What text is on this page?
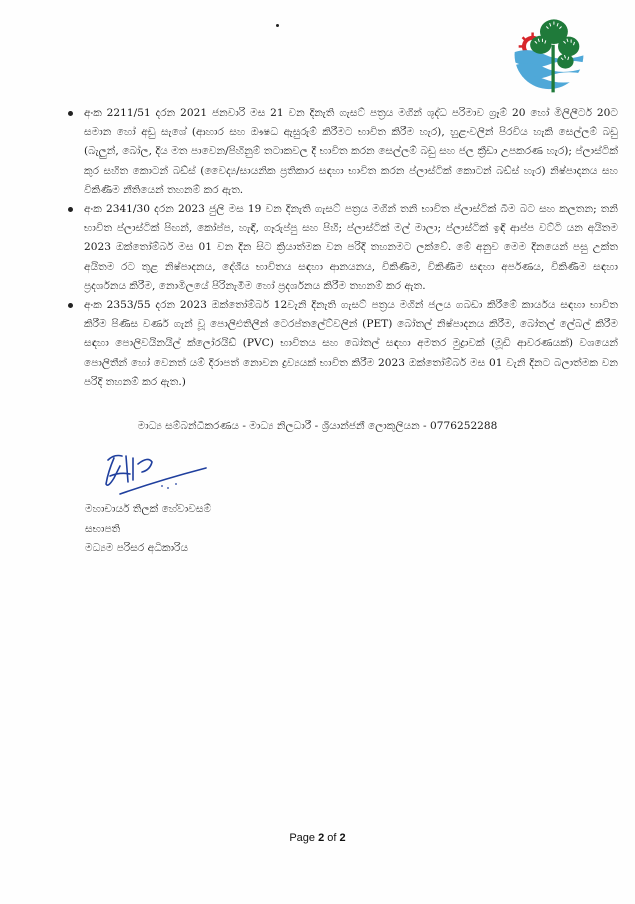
අංක 2211/51 දරන 2021 ජනවාරි මස 21 වන දිනැති ගැසට් පත්‍රය මගින් ශුද්ධ පරිමාව ග්‍රෑම් 20 හෝ මිලිලීටර් 20ට සමාන හෝ අඩු සැශේ (ආහාර සහ ඖෂධ ඇසුරුම් කිරීමට භාවිත කිරීම හැර), හුළංවලින් පිරවිය හැකි සෙල්ලම් බඩු (බැලුන්, බෝල, දිය මත පාවෙන/පිහිනුම් තටාකවල දී භාවිත කරන සෙල්ලම් බඩු සහ ජල ක්‍රීඩා උපකරණ හැර); ප්ලාස්ටික් කුර සහිත කොටන් බඩ්ස් (වෛද්‍ය/සායනික ප්‍රතිකාර සඳහා භාවිත කරන ප්ලාස්ටික් කොටන් බඩ්ස් හැර) නිෂ්පාදනය සහ විකිණීම නීතියෙන් තහනම් කර ඇත.
අංක 2341/30 දරන 2023 ජුලි මස 19 වන දිනැති ගැසට් පත්‍රය මගින් තනි භාවිත ප්ලාස්ටික් බීම බට සහ කලතන; තනි භාවිත ප්ලාස්ටික් පිඟන්, කෝප්ප, හැඳි, ගෑරුප්පු සහ පිහි; ප්ලාස්ටික් මල් මාලා; ප්ලාස්ටික් ඉඳි ආප්ප වට්ටි යන අයිතම 2023 ඔක්තෝම්බර් මස 01 වන දින සිට ක්‍රියාත්මක වන පරිදි තහනමට ලක්වේ. මේ අනුව මෙම දිනයෙන් පසු උක්ත අයිතම රට තුළ නිෂ්පාදනය, දේශීය භාවිතය සඳහා ආනයනය, විකිණීම, විකිණීම සඳහා අර්පණය, විකිණීම සඳහා ප්‍රදර්ශනය කිරීම, නොමිලයේ පිරිනැමීම හෝ ප්‍රදර්ශනය කිරීම තහනම් කර ඇත.
අංක 2353/55 දරන 2023 ඔක්තෝම්බර් 12වැනි දිනැති ගැසට් පත්‍රය මගින් ජලය ගබඩා කිරීමේ කාර්යය සඳහා භාවිත කිරීම පිණිස වර්ණ ගැන් වූ පොලිඑතිලීන් ටෙරප්තලේට්වලින් (PET) බෝතල් නිෂ්පාදනය කිරීම, බෝතල් ලේබල් කිරීම සඳහා පොලිවයිනයිල් ක්ලෝරයිඩ් (PVC) භාවිතය සහ බෝතල් සඳහා අමතර මුද්‍රාවක් (මූඩි ආවරණයක්) වශයෙන් පොලිතීන් හෝ වෙනත් යම් දිරාපත් නොවන ද්‍රව්‍යයක් භාවිත කිරීම 2023 ඔක්තෝම්බර් මස 01 වැනි දිනට බලාත්මක වන පරිදි තහනම් කර ඇත.)
මාධ්‍ය සම්බන්ධීකරණය - මාධ්‍ය නිලධාරී - ශ්‍රියාන්ජනී ලොකුලියන - 0776252288
මහාචාර්ය තිලක් හේවාවසම්
සභාපති
මධ්‍යම පරිසර අධිකාරිය
Page 2 of 2
